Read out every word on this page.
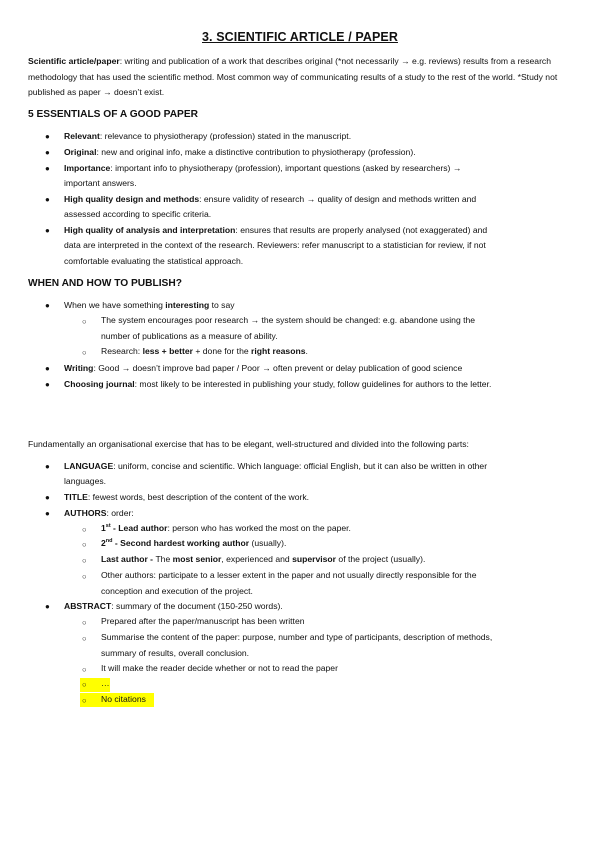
3. SCIENTIFIC ARTICLE / PAPER
Scientific article/paper: writing and publication of a work that describes original (*not necessarily → e.g. reviews) results from a research methodology that has used the scientific method. Most common way of communicating results of a study to the rest of the world. *Study not published as paper → doesn’t exist.
5 ESSENTIALS OF A GOOD PAPER
● Relevant: relevance to physiotherapy (profession) stated in the manuscript.
● Original: new and original info, make a distinctive contribution to physiotherapy (profession).
● Importance: important info to physiotherapy (profession), important questions (asked by researchers) →
important answers.
● High quality design and methods: ensure validity of research → quality of design and methods written and
assessed according to specific criteria.
● High quality of analysis and interpretation: ensures that results are properly analysed (not exaggerated) and
data are interpreted in the context of the research. Reviewers: refer manuscript to a statistician for review, if not
comfortable evaluating the statistical approach.
WHEN AND HOW TO PUBLISH?
● When we have something interesting to say
○ The system encourages poor research → the system should be changed: e.g. abandone using the
number of publications as a measure of ability.
○ Research: less + better + done for the right reasons.
● Writing: Good → doesn’t improve bad paper / Poor → often prevent or delay publication of good science
● Choosing journal: most likely to be interested in publishing your study, follow guidelines for authors to the letter.
Fundamentally an organisational exercise that has to be elegant, well-structured and divided into the following parts:
● LANGUAGE: uniform, concise and scientific. Which language: official English, but it can also be written in other
languages.
● TITLE: fewest words, best description of the content of the work.
● AUTHORS: order:
○ 1st - Lead author: person who has worked the most on the paper.
○ 2nd - Second hardest working author (usually).
○ Last author - The most senior, experienced and supervisor of the project (usually).
○ Other authors: participate to a lesser extent in the paper and not usually directly responsible for the
conception and execution of the project.
● ABSTRACT: summary of the document (150-250 words).
○ Prepared after the paper/manuscript has been written
○ Summarise the content of the paper: purpose, number and type of participants, description of methods,
summary of results, overall conclusion.
○ It will make the reader decide whether or not to read the paper
○ …
○ No citations
